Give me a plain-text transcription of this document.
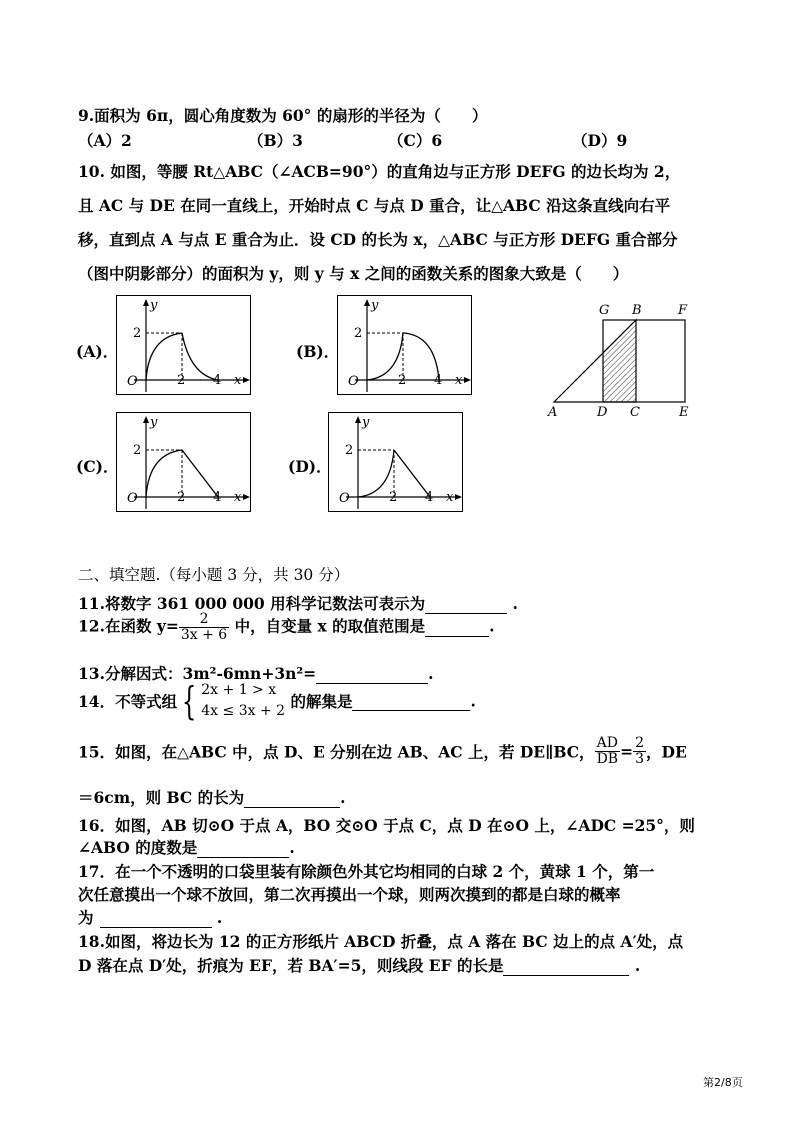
9.面积为 6π，圆心角度数为 60° 的扇形的半径为（　　）
（A）2	（B）3	（C）6	（D）9
10. 如图，等腰 Rt△ABC（∠ACB=90°）的直角边与正方形 DEFG 的边长均为 2，
且 AC 与 DE 在同一直线上，开始时点 C 与点 D 重合，让△ABC 沿这条直线向右平
移，直到点 A 与点 E 重合为止．设 CD 的长为 x，△ABC 与正方形 DEFG 重合部分
（图中阴影部分）的面积为 y，则 y 与 x 之间的函数关系的图象大致是（　　）
(A)．	(B)．
(C)．	(D)．
y
2
O	2 4 x
y
2
O	2 4 x
y
2
O	2 4 x
y
2
O	2 4 x
G B	F
A	D C	E
二、填空题.（每小题 3 分，共 30 分）
11.将数字 361 000 000 用科学记数法可表示为	.
12.在函数 $y= \frac{2}{3x + 6}$ 中，自变量 x 的取值范围是	.
13.分解因式：3m²-6mn+3n²=	.
14．不等式组 { 2x + 1 > x
4x ≤ 3x + 2 的解集是	.
15．如图，在△ABC 中，点 D、E 分别在边 AB、AC 上，若 DE∥BC， $\frac{AD}{DB} = \frac{2}{3}$ ，DE
＝6cm，则 BC 的长为	.
16．如图，AB 切⊙O 于点 A，BO 交⊙O 于点 C，点 D 在⊙O 上，∠ADC =25°，则
∠ABO 的度数是	.
17．在一个不透明的口袋里装有除颜色外其它均相同的白球 2 个，黄球 1 个，第一
次任意摸出一个球不放回，第二次再摸出一个球，则两次摸到的都是白球的概率
为	.
18.如图，将边长为 12 的正方形纸片 ABCD 折叠，点 A 落在 BC 边上的点 A′处，点
D 落在点 D′处，折痕为 EF，若 BA′=5，则线段 EF 的长是	.
第2/8页
